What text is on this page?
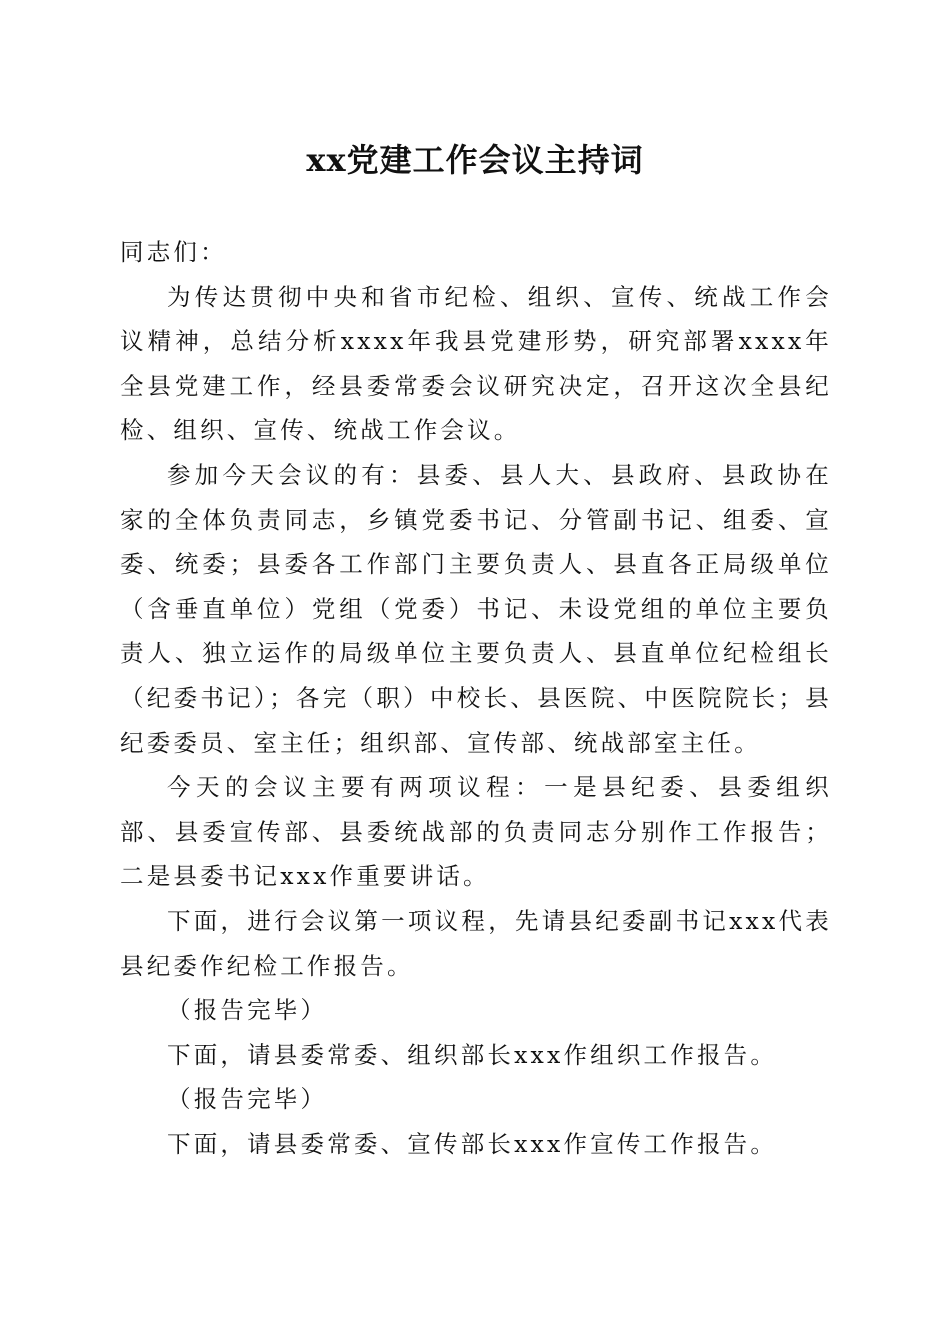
xx党建工作会议主持词

同志们：

为传达贯彻中央和省市纪检、组织、宣传、统战工作会议精神，总结分析xxxx年我县党建形势，研究部署xxxx年全县党建工作，经县委常委会议研究决定，召开这次全县纪检、组织、宣传、统战工作会议。

参加今天会议的有：县委、县人大、县政府、县政协在家的全体负责同志，乡镇党委书记、分管副书记、组委、宣委、统委；县委各工作部门主要负责人、县直各正局级单位（含垂直单位）党组（党委）书记、未设党组的单位主要负责人、独立运作的局级单位主要负责人、县直单位纪检组长（纪委书记）；各完（职）中校长、县医院、中医院院长；县纪委委员、室主任；组织部、宣传部、统战部室主任。

今天的会议主要有两项议程：一是县纪委、县委组织部、县委宣传部、县委统战部的负责同志分别作工作报告；二是县委书记xxx作重要讲话。

下面，进行会议第一项议程，先请县纪委副书记xxx代表县纪委作纪检工作报告。

（报告完毕）

下面，请县委常委、组织部长xxx作组织工作报告。

（报告完毕）

下面，请县委常委、宣传部长xxx作宣传工作报告。
